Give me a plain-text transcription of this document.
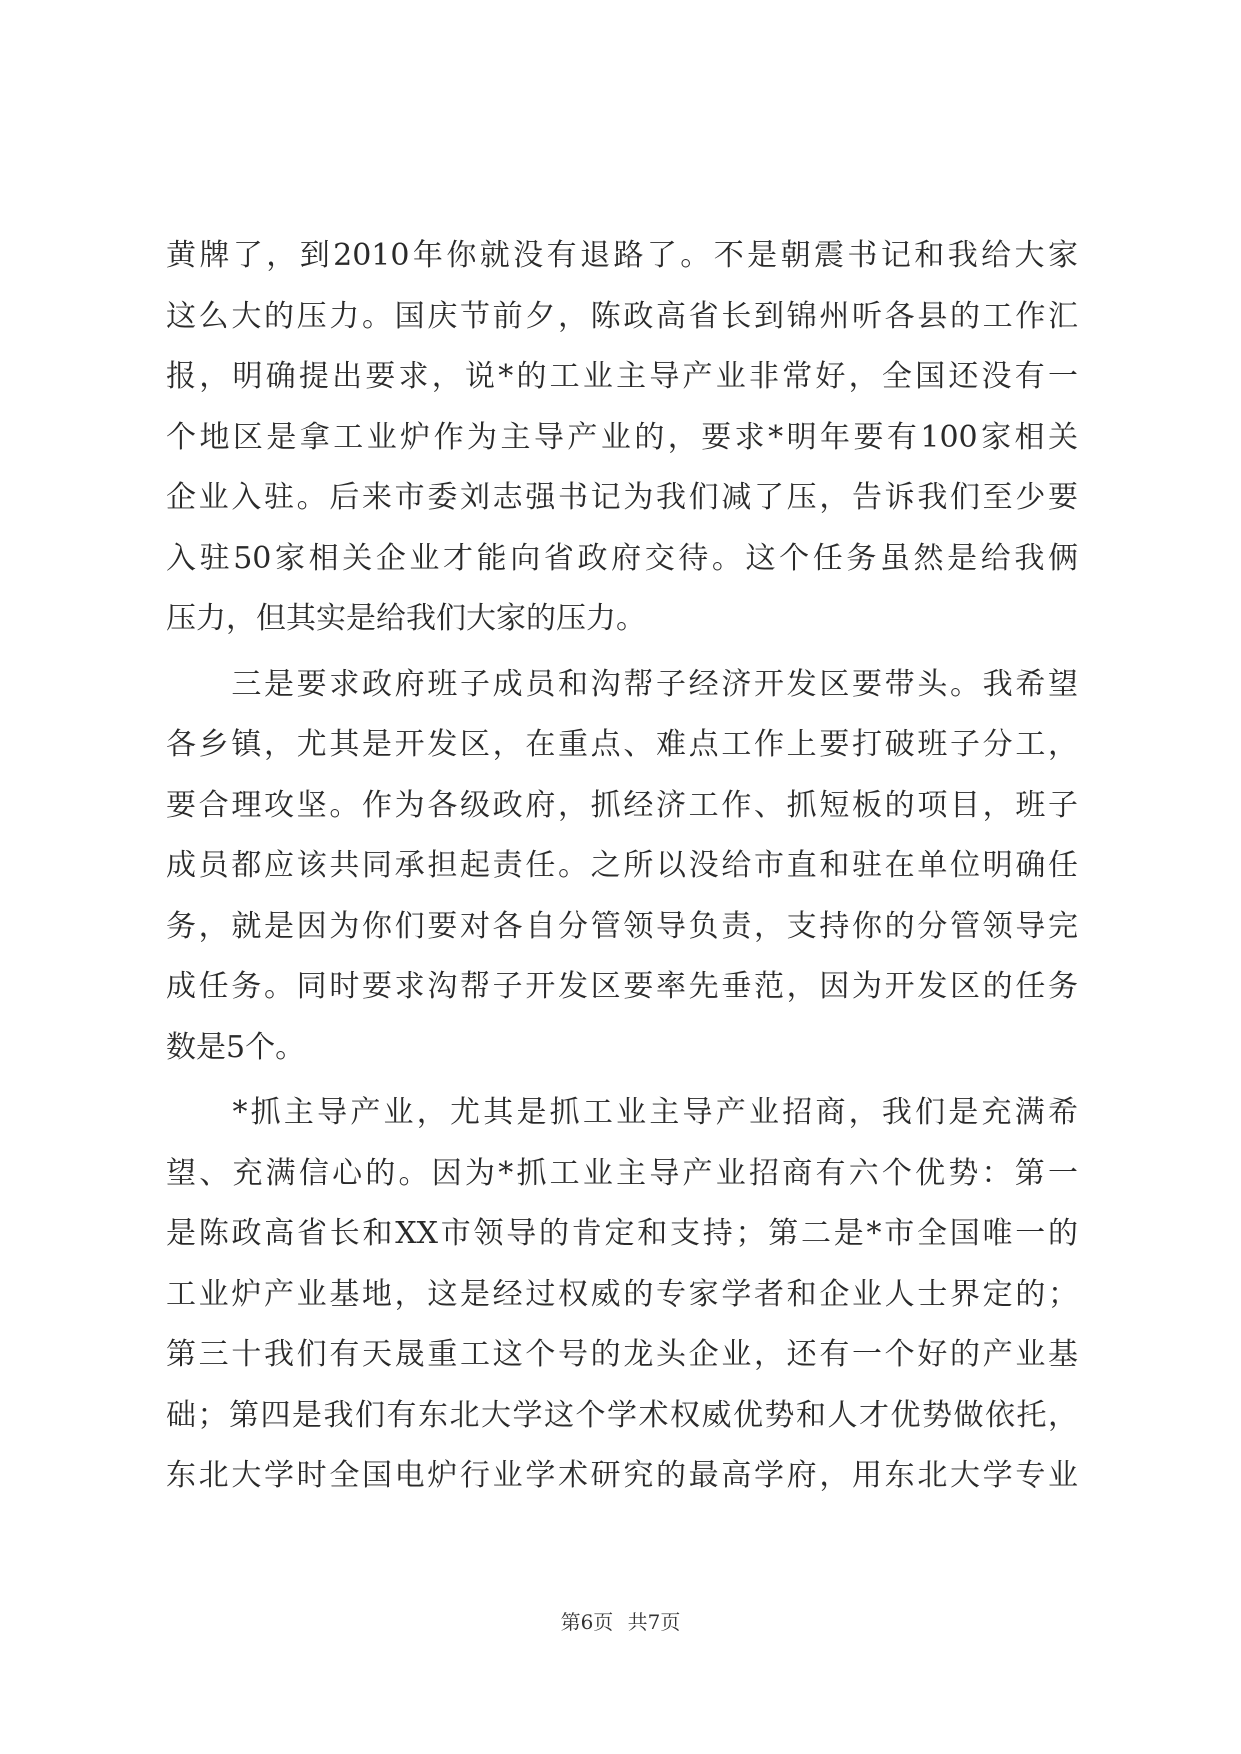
黄牌了，到2010年你就没有退路了。不是朝震书记和我给大家
这么大的压力。国庆节前夕，陈政高省长到锦州听各县的工作汇
报，明确提出要求，说*的工业主导产业非常好，全国还没有一
个地区是拿工业炉作为主导产业的，要求*明年要有100家相关
企业入驻。后来市委刘志强书记为我们减了压，告诉我们至少要
入驻50家相关企业才能向省政府交待。这个任务虽然是给我俩
压力，但其实是给我们大家的压力。
　　三是要求政府班子成员和沟帮子经济开发区要带头。我希望
各乡镇，尤其是开发区，在重点、难点工作上要打破班子分工，
要合理攻坚。作为各级政府，抓经济工作、抓短板的项目，班子
成员都应该共同承担起责任。之所以没给市直和驻在单位明确任
务，就是因为你们要对各自分管领导负责，支持你的分管领导完
成任务。同时要求沟帮子开发区要率先垂范，因为开发区的任务
数是5个。
　　*抓主导产业，尤其是抓工业主导产业招商，我们是充满希
望、充满信心的。因为*抓工业主导产业招商有六个优势：第一
是陈政高省长和XX市领导的肯定和支持；第二是*市全国唯一的
工业炉产业基地，这是经过权威的专家学者和企业人士界定的；
第三十我们有天晟重工这个号的龙头企业，还有一个好的产业基
础；第四是我们有东北大学这个学术权威优势和人才优势做依托，
东北大学时全国电炉行业学术研究的最高学府，用东北大学专业
第6页 共7页
